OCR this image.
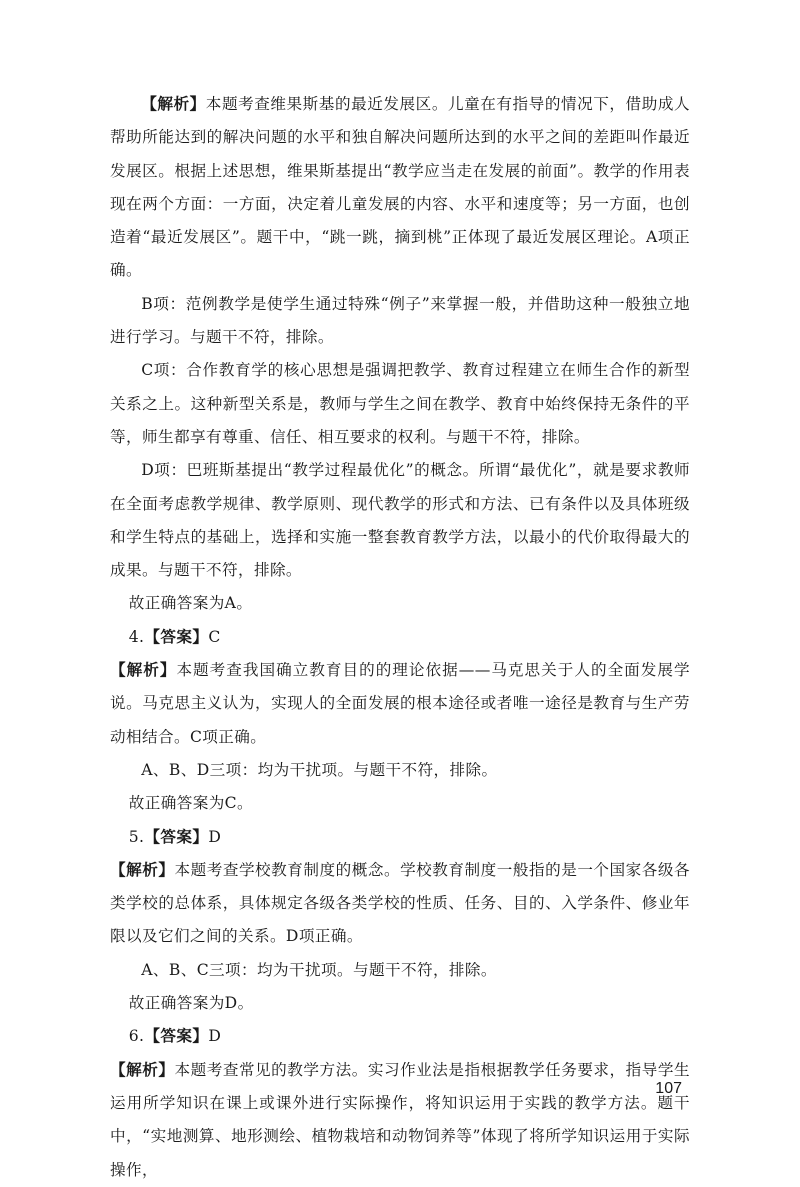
【解析】本题考查维果斯基的最近发展区。儿童在有指导的情况下，借助成人帮助所能达到的解决问题的水平和独自解决问题所达到的水平之间的差距叫作最近发展区。根据上述思想，维果斯基提出“教学应当走在发展的前面”。教学的作用表现在两个方面：一方面，决定着儿童发展的内容、水平和速度等；另一方面，也创造着“最近发展区”。题干中，“跳一跳，摘到桃”正体现了最近发展区理论。A项正确。

B项：范例教学是使学生通过特殊“例子”来掌握一般，并借助这种一般独立地进行学习。与题干不符，排除。

C项：合作教育学的核心思想是强调把教学、教育过程建立在师生合作的新型关系之上。这种新型关系是，教师与学生之间在教学、教育中始终保持无条件的平等，师生都享有尊重、信任、相互要求的权利。与题干不符，排除。

D项：巴班斯基提出“教学过程最优化”的概念。所谓“最优化”，就是要求教师在全面考虑教学规律、教学原则、现代教学的形式和方法、已有条件以及具体班级和学生特点的基础上，选择和实施一整套教育教学方法，以最小的代价取得最大的成果。与题干不符，排除。

故正确答案为A。

4.【答案】C

【解析】本题考查我国确立教育目的的理论依据——马克思关于人的全面发展学说。马克思主义认为，实现人的全面发展的根本途径或者唯一途径是教育与生产劳动相结合。C项正确。

A、B、D三项：均为干扰项。与题干不符，排除。

故正确答案为C。

5.【答案】D

【解析】本题考查学校教育制度的概念。学校教育制度一般指的是一个国家各级各类学校的总体系，具体规定各级各类学校的性质、任务、目的、入学条件、修业年限以及它们之间的关系。D项正确。

A、B、C三项：均为干扰项。与题干不符，排除。

故正确答案为D。

6.【答案】D

【解析】本题考查常见的教学方法。实习作业法是指根据教学任务要求，指导学生运用所学知识在课上或课外进行实际操作，将知识运用于实践的教学方法。题干中，“实地测算、地形测绘、植物栽培和动物饲养等”体现了将所学知识运用于实际操作，

107
